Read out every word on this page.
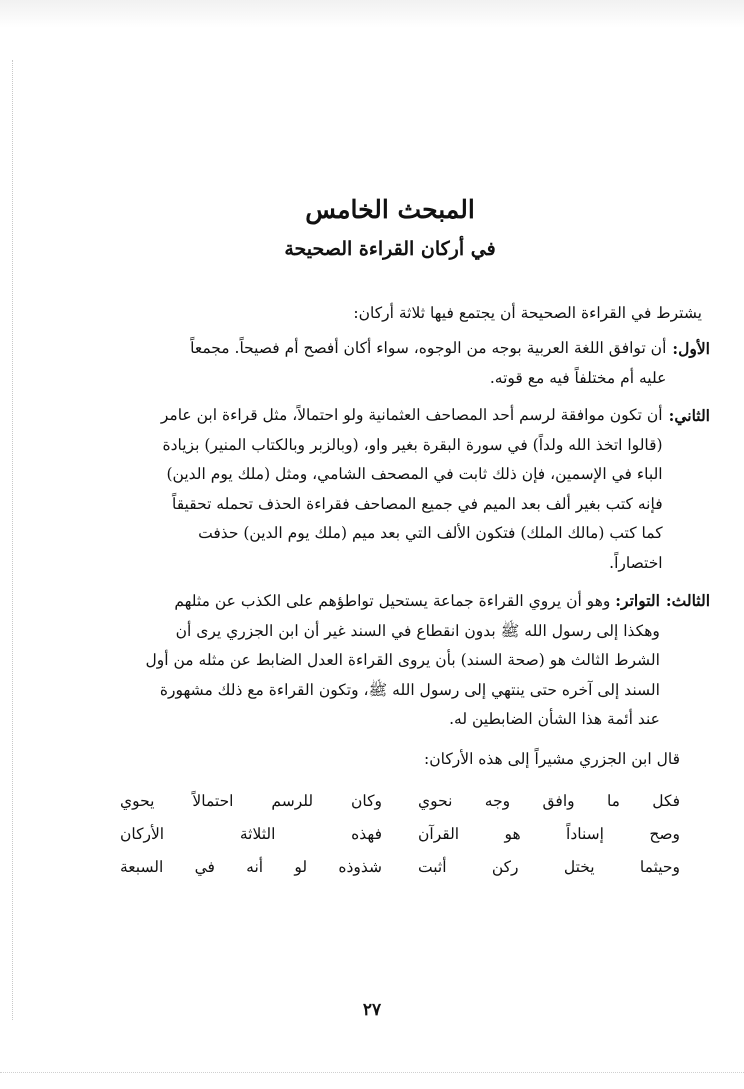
المبحث الخامس
في أركان القراءة الصحيحة
يشترط في القراءة الصحيحة أن يجتمع فيها ثلاثة أركان:
الأول:
أن توافق اللغة العربية بوجه من الوجوه، سواء أكان أفصح أم فصيحاً. مجمعاً
عليه أم مختلفاً فيه مع قوته.
الثاني:
أن تكون موافقة لرسم أحد المصاحف العثمانية ولو احتمالاً، مثل قراءة ابن عامر
(قالوا اتخذ الله ولداً) في سورة البقرة بغير واو، (وبالزبر وبالكتاب المنير) بزيادة
الباء في الإسمين، فإن ذلك ثابت في المصحف الشامي، ومثل (ملك يوم الدين)
فإنه كتب بغير ألف بعد الميم في جميع المصاحف فقراءة الحذف تحمله تحقيقاً
كما كتب (مالك الملك) فتكون الألف التي بعد ميم (ملك يوم الدين) حذفت
اختصاراً.
الثالث:
التواتر: وهو أن يروي القراءة جماعة يستحيل تواطؤهم على الكذب عن مثلهم
وهكذا إلى رسول الله ﷺ بدون انقطاع في السند غير أن ابن الجزري يرى أن
الشرط الثالث هو (صحة السند) بأن يروى القراءة العدل الضابط عن مثله من أول
السند إلى آخره حتى ينتهي إلى رسول الله ﷺ، وتكون القراءة مع ذلك مشهورة
عند أئمة هذا الشأن الضابطين له.
قال ابن الجزري مشيراً إلى هذه الأركان:
فكل ما وافق وجه نحوي
وكان للرسم احتمالاً يحوي
وصح إسناداً هو القرآن
فهذه الثلاثة الأركان
وحيثما يختل ركن أثبت
شذوذه لو أنه في السبعة
٢٧
